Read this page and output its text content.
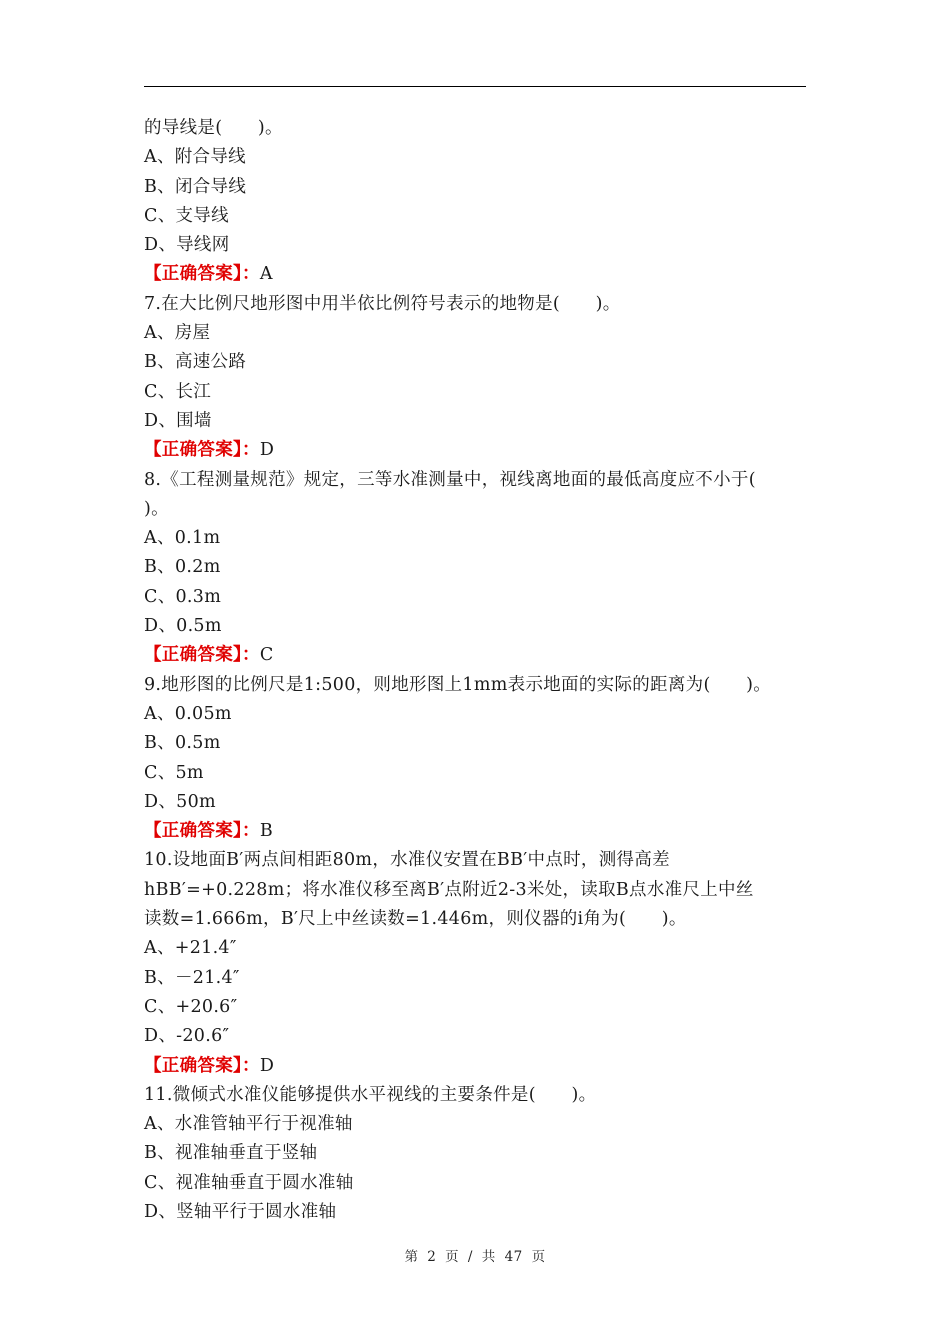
的导线是(　　)。
A、附合导线
B、闭合导线
C、支导线
D、导线网
【正确答案】：A
7.在大比例尺地形图中用半依比例符号表示的地物是(　　)。
A、房屋
B、高速公路
C、长江
D、围墙
【正确答案】：D
8.《工程测量规范》规定，三等水准测量中，视线离地面的最低高度应不小于(
)。
A、0.1m
B、0.2m
C、0.3m
D、0.5m
【正确答案】：C
9.地形图的比例尺是1:500，则地形图上1mm表示地面的实际的距离为(　　)。
A、0.05m
B、0.5m
C、5m
D、50m
【正确答案】：B
10.设地面B′两点间相距80m，水准仪安置在BB′中点时，测得高差
hBB′=+0.228m；将水准仪移至离B′点附近2-3米处，读取B点水准尺上中丝
读数=1.666m，B′尺上中丝读数=1.446m，则仪器的i角为(　　)。
A、+21.4″
B、－21.4″
C、+20.6″
D、-20.6″
【正确答案】：D
11.微倾式水准仪能够提供水平视线的主要条件是(　　)。
A、水准管轴平行于视准轴
B、视准轴垂直于竖轴
C、视准轴垂直于圆水准轴
D、竖轴平行于圆水准轴
第 2 页 / 共 47 页
